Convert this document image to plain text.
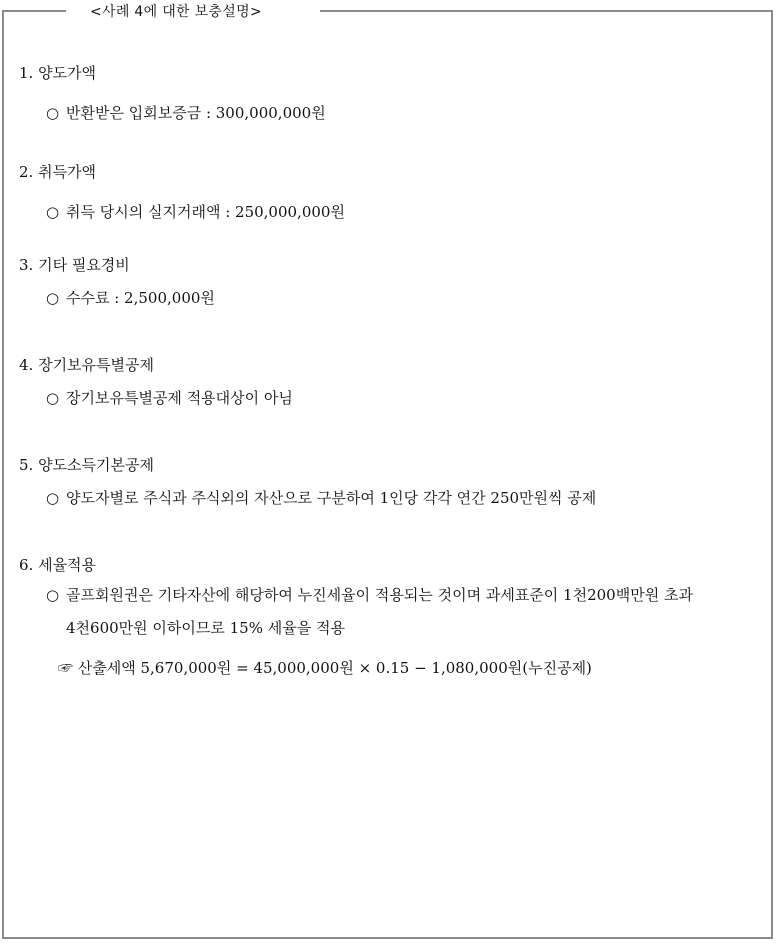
<사례 4에 대한 보충설명>
1. 양도가액
○ 반환받은 입회보증금 : 300,000,000원
2. 취득가액
○ 취득 당시의 실지거래액 : 250,000,000원
3. 기타 필요경비
○ 수수료 : 2,500,000원
4. 장기보유특별공제
○ 장기보유특별공제 적용대상이 아님
5. 양도소득기본공제
○ 양도자별로 주식과 주식외의 자산으로 구분하여 1인당 각각 연간 250만원씩 공제
6. 세율적용
○ 골프회원권은 기타자산에 해당하여 누진세율이 적용되는 것이며 과세표준이 1천200백만원 초과
4천600만원 이하이므로 15% 세율을 적용
☞ 산출세액 5,670,000원 = 45,000,000원 × 0.15 − 1,080,000원(누진공제)
